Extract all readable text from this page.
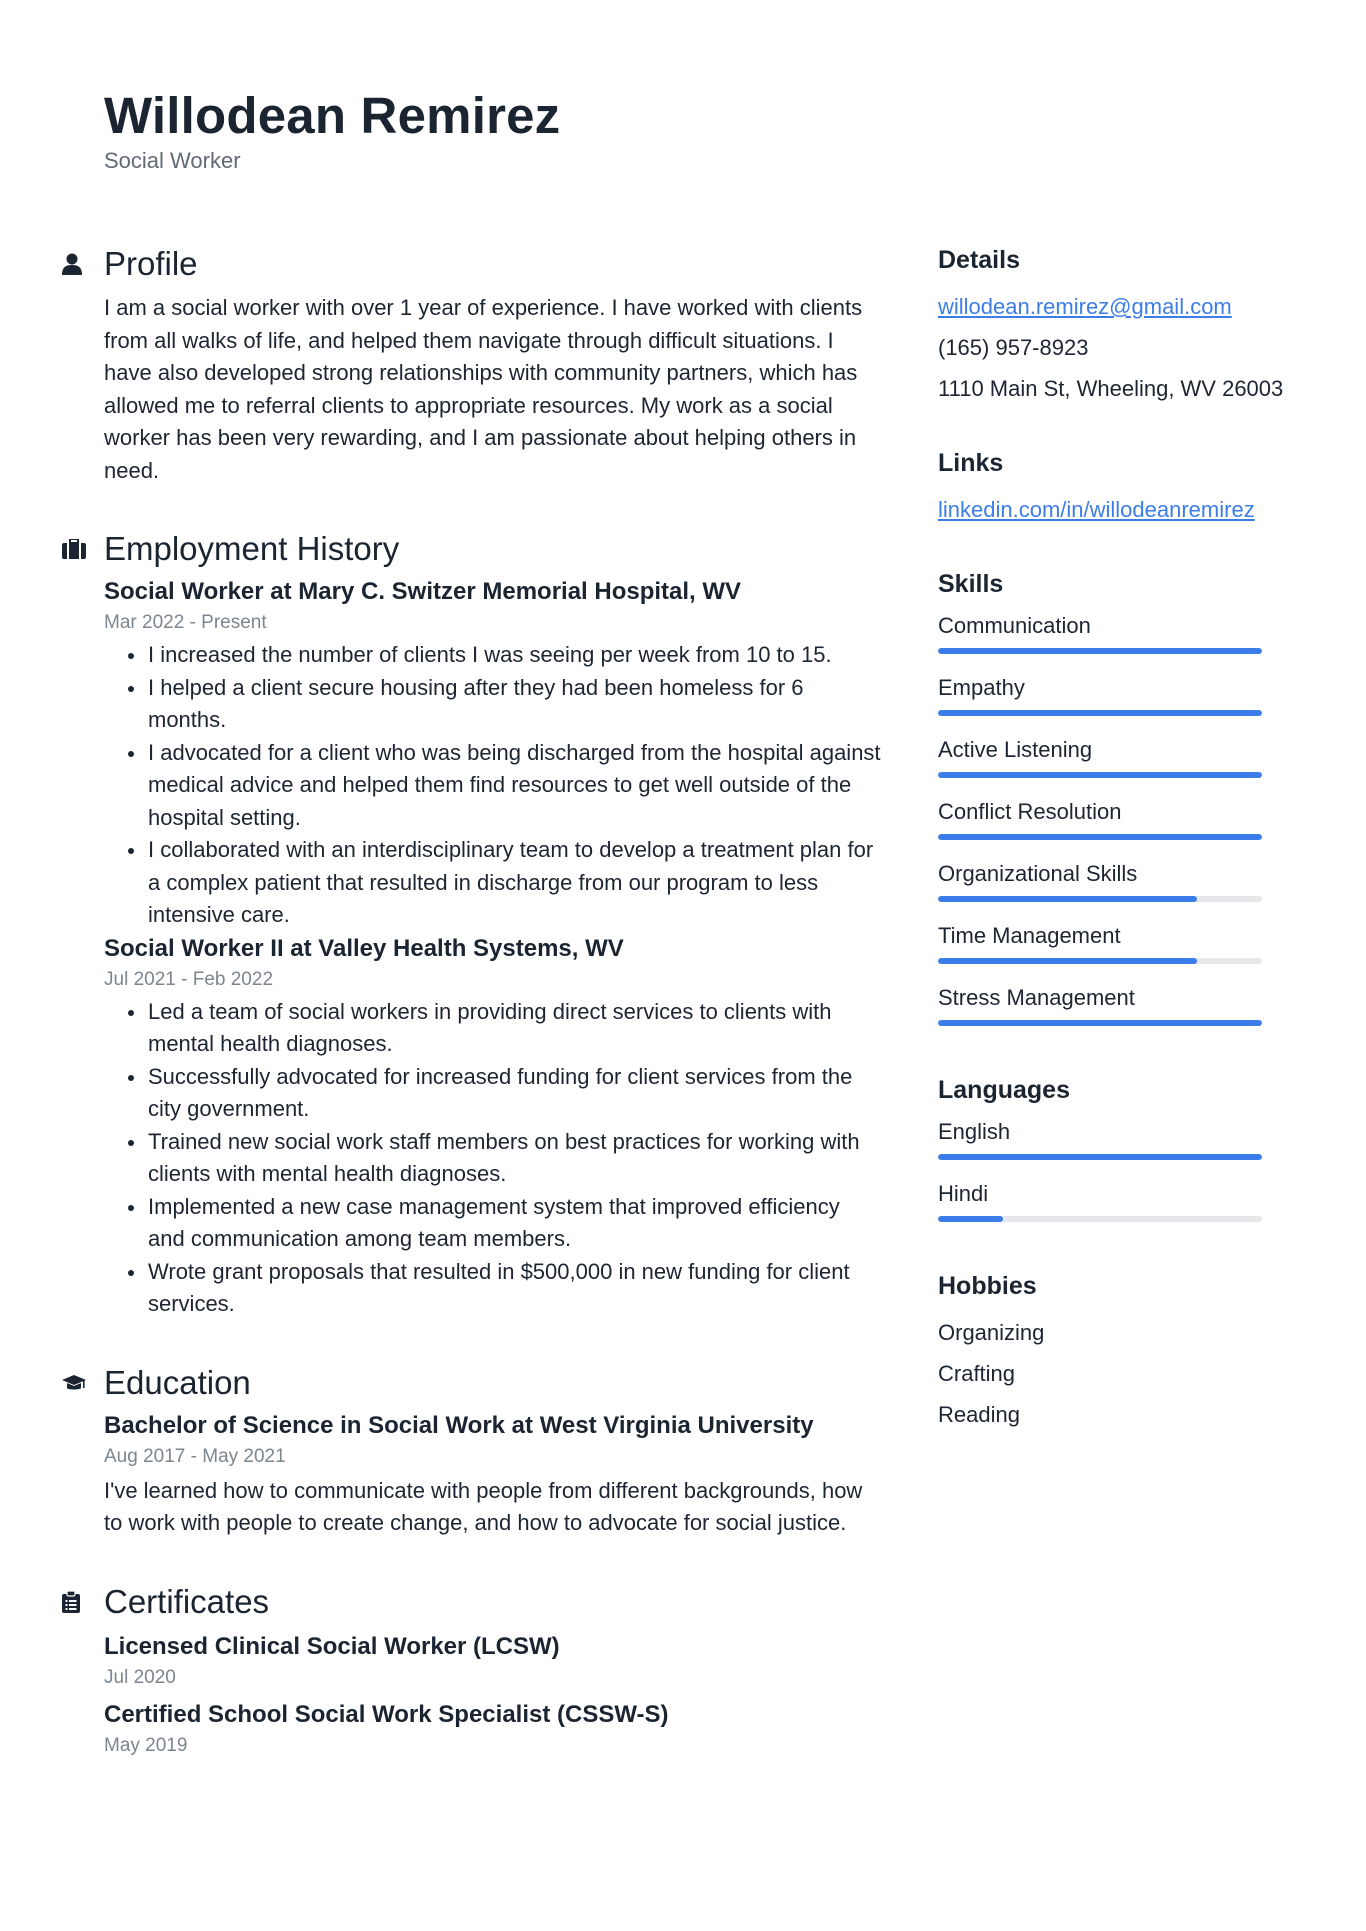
Willodean Remirez
Social Worker
Profile

I am a social worker with over 1 year of experience. I have worked with clients from all walks of life, and helped them navigate through difficult situations. I have also developed strong relationships with community partners, which has allowed me to referral clients to appropriate resources. My work as a social worker has been very rewarding, and I am passionate about helping others in need.

Employment History
Social Worker at Mary C. Switzer Memorial Hospital, WV
Mar 2022 - Present
I increased the number of clients I was seeing per week from 10 to 15.
I helped a client secure housing after they had been homeless for 6 months.
I advocated for a client who was being discharged from the hospital against medical advice and helped them find resources to get well outside of the hospital setting.
I collaborated with an interdisciplinary team to develop a treatment plan for a complex patient that resulted in discharge from our program to less intensive care.
Social Worker II at Valley Health Systems, WV
Jul 2021 - Feb 2022
Led a team of social workers in providing direct services to clients with mental health diagnoses.
Successfully advocated for increased funding for client services from the city government.
Trained new social work staff members on best practices for working with clients with mental health diagnoses.
Implemented a new case management system that improved efficiency and communication among team members.
Wrote grant proposals that resulted in $500,000 in new funding for client services.
Education
Bachelor of Science in Social Work at West Virginia University
Aug 2017 - May 2021

I've learned how to communicate with people from different backgrounds, how to work with people to create change, and how to advocate for social justice.

Certificates
Licensed Clinical Social Worker (LCSW)
Jul 2020
Certified School Social Work Specialist (CSSW-S)
May 2019
Details
willodean.remirez@gmail.com
(165) 957-8923
1110 Main St, Wheeling, WV 26003
Links
linkedin.com/in/willodeanremirez
Skills
Communication
Empathy
Active Listening
Conflict Resolution
Organizational Skills
Time Management
Stress Management
Languages
English
Hindi
Hobbies
Organizing
Crafting
Reading
